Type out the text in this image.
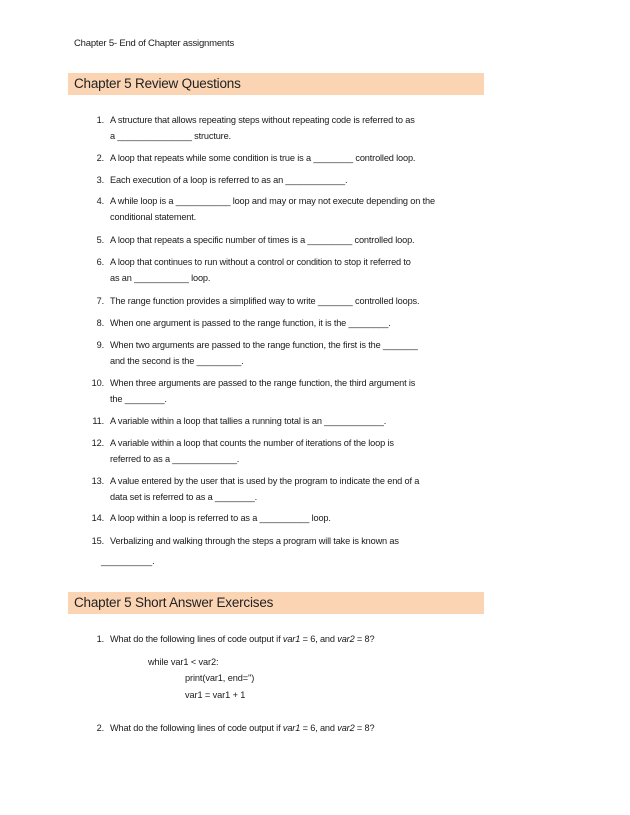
Chapter 5- End of Chapter assignments
Chapter 5 Review Questions
1. A structure that allows repeating steps without repeating code is referred to as
a _______________ structure.
2. A loop that repeats while some condition is true is a ________ controlled loop.
3. Each execution of a loop is referred to as an ____________.
4. A while loop is a ___________ loop and may or may not execute depending on the
conditional statement.
5. A loop that repeats a specific number of times is a _________ controlled loop.
6. A loop that continues to run without a control or condition to stop it referred to
as an ___________ loop.
7. The range function provides a simplified way to write _______ controlled loops.
8. When one argument is passed to the range function, it is the ________.
9. When two arguments are passed to the range function, the first is the _______
and the second is the _________.
10. When three arguments are passed to the range function, the third argument is
the ________.
11. A variable within a loop that tallies a running total is an ____________.
12. A variable within a loop that counts the number of iterations of the loop is
referred to as a _____________.
13. A value entered by the user that is used by the program to indicate the end of a
data set is referred to as a ________.
14. A loop within a loop is referred to as a __________ loop.
15. Verbalizing and walking through the steps a program will take is known as
__________.
Chapter 5 Short Answer Exercises
1. What do the following lines of code output if var1 = 6, and var2 = 8?
while var1 < var2:
print(var1, end='')
var1 = var1 + 1
2. What do the following lines of code output if var1 = 6, and var2 = 8?
